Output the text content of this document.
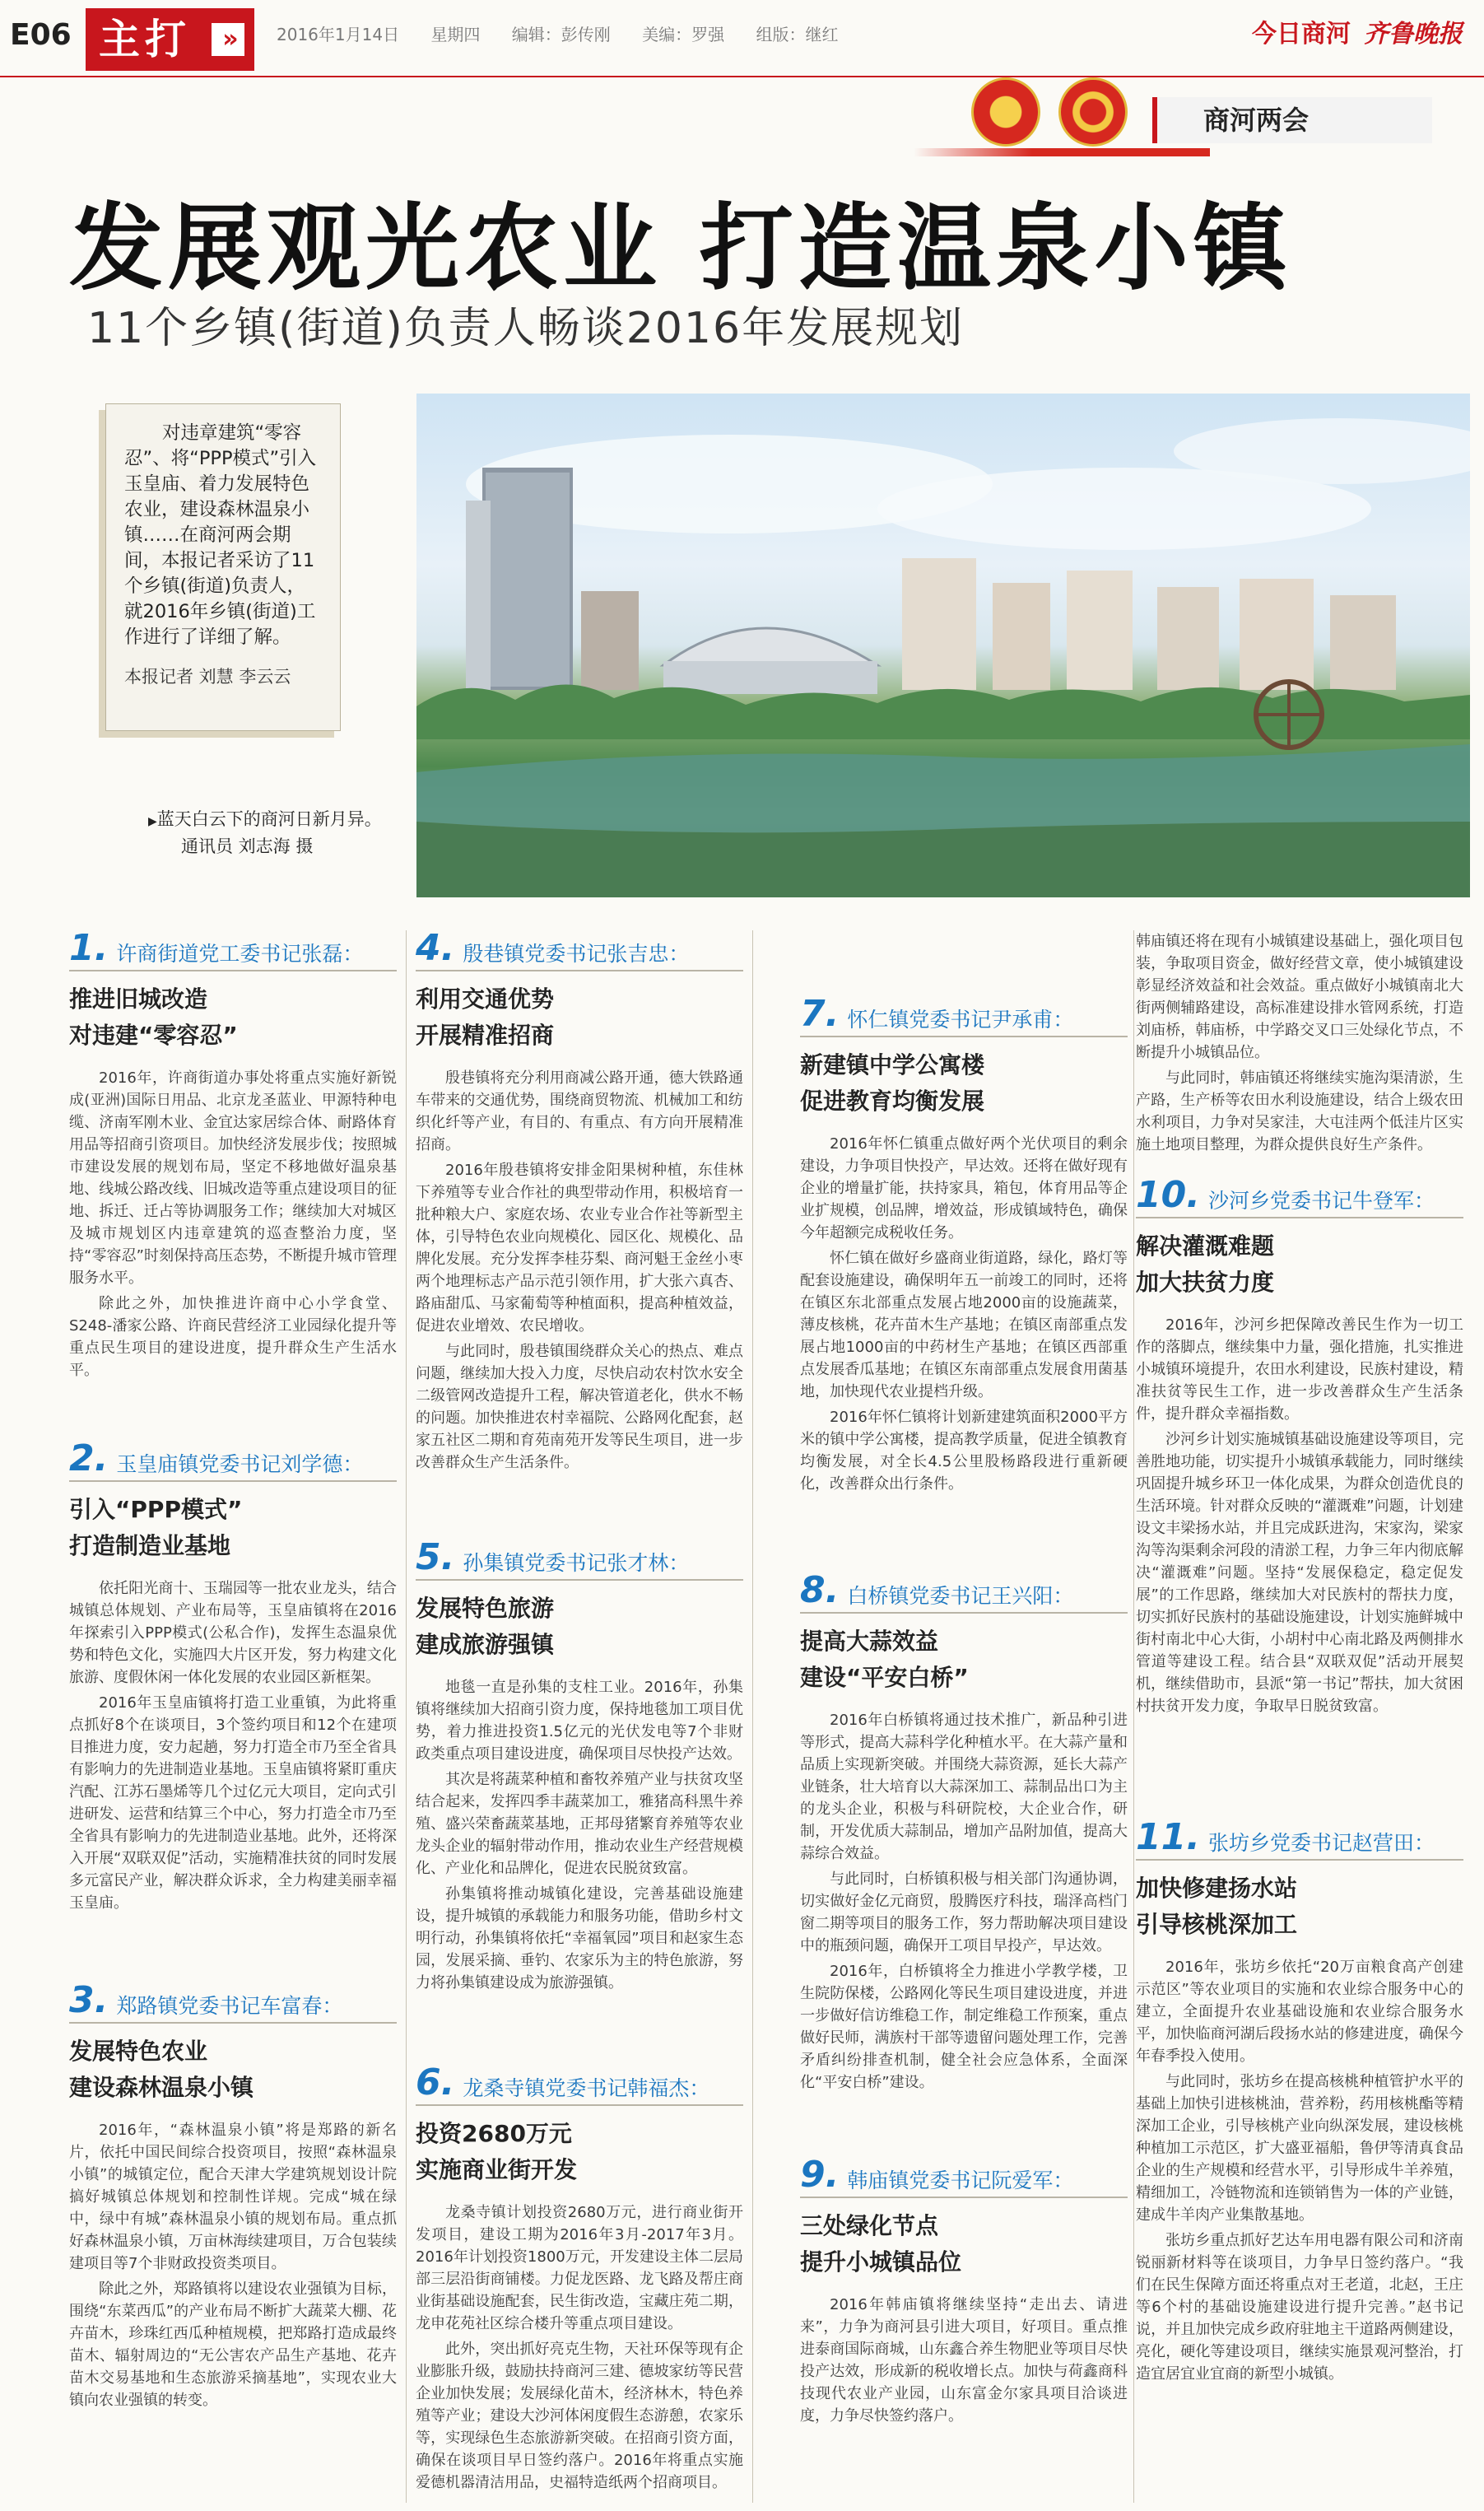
E06 主打	»	2016年1月14日 星期四 编辑：彭传刚 美编：罗强 组版：继红	今日商河 齐鲁晚报
商河两会
发展观光农业 打造温泉小镇
11个乡镇(街道)负责人畅谈2016年发展规划
对违章建筑“零容忍”、将“PPP模式”引入玉皇庙、着力发展特色农业，建设森林温泉小镇……在商河两会期间，本报记者采访了11个乡镇(街道)负责人，就2016年乡镇(街道)工作进行了详细了解。
本报记者 刘慧 李云云
▶蓝天白云下的商河日新月异。
通讯员 刘志海 摄
1. 许商街道党工委书记张磊：
推进旧城改造
对违建“零容忍”

2016年，许商街道办事处将重点实施好新锐成(亚洲)国际日用品、北京龙圣蓝业、甲源特种电缆、济南军刚木业、金宜达家居综合体、耐路体育用品等招商引资项目。加快经济发展步伐；按照城市建设发展的规划布局，坚定不移地做好温泉基地、线城公路改线、旧城改造等重点建设项目的征地、拆迁、迁占等协调服务工作；继续加大对城区及城市规划区内违章建筑的巡查整治力度，坚持“零容忍”时刻保持高压态势，不断提升城市管理服务水平。

除此之外，加快推进许商中心小学食堂、S248-潘家公路、许商民营经济工业园绿化提升等重点民生项目的建设进度，提升群众生产生活水平。

2. 玉皇庙镇党委书记刘学德：
引入“PPP模式”
打造制造业基地

依托阳光商十、玉瑞园等一批农业龙头，结合城镇总体规划、产业布局等，玉皇庙镇将在2016年探索引入PPP模式(公私合作)，发挥生态温泉优势和特色文化，实施四大片区开发，努力构建文化旅游、度假休闲一体化发展的农业园区新框架。

2016年玉皇庙镇将打造工业重镇，为此将重点抓好8个在谈项目，3个签约项目和12个在建项目推进力度，安力起趟，努力打造全市乃至全省具有影响力的先进制造业基地。玉皇庙镇将紧盯重庆汽配、江苏石墨烯等几个过亿元大项目，定向式引进研发、运营和结算三个中心，努力打造全市乃至全省具有影响力的先进制造业基地。此外，还将深入开展“双联双促”活动，实施精准扶贫的同时发展多元富民产业，解决群众诉求，全力构建美丽幸福玉皇庙。

3. 郑路镇党委书记车富春：
发展特色农业
建设森林温泉小镇

2016年，“森林温泉小镇”将是郑路的新名片，依托中国民间综合投资项目，按照“森林温泉小镇”的城镇定位，配合天津大学建筑规划设计院搞好城镇总体规划和控制性详规。完成“城在绿中，绿中有城”森林温泉小镇的规划布局。重点抓好森林温泉小镇，万亩林海续建项目，万合包装续建项目等7个非财政投资类项目。

除此之外，郑路镇将以建设农业强镇为目标，围绕“东菜西瓜”的产业布局不断扩大蔬菜大棚、花卉苗木，珍珠红西瓜种植规模，把郑路打造成最终苗木、辐射周边的“无公害农产品生产基地、花卉苗木交易基地和生态旅游采摘基地”，实现农业大镇向农业强镇的转变。

4. 殷巷镇党委书记张吉忠：
利用交通优势
开展精准招商

殷巷镇将充分利用商减公路开通，德大铁路通车带来的交通优势，围绕商贸物流、机械加工和纺织化纤等产业，有目的、有重点、有方向开展精准招商。

2016年殷巷镇将安排金阳果树种植，东佳林下养殖等专业合作社的典型带动作用，积极培育一批种粮大户、家庭农场、农业专业合作社等新型主体，引导特色农业向规模化、园区化、规模化、品牌化发展。充分发挥李桂芬梨、商河魁王金丝小枣两个地理标志产品示范引领作用，扩大张六真杏、路庙甜瓜、马家葡萄等种植面积，提高种植效益，促进农业增效、农民增收。

与此同时，殷巷镇围绕群众关心的热点、难点问题，继续加大投入力度，尽快启动农村饮水安全二级管网改造提升工程，解决管道老化，供水不畅的问题。加快推进农村幸福院、公路网化配套，赵家五社区二期和育苑南苑开发等民生项目，进一步改善群众生产生活条件。

5. 孙集镇党委书记张才林：
发展特色旅游
建成旅游强镇

地毯一直是孙集的支柱工业。2016年，孙集镇将继续加大招商引资力度，保持地毯加工项目优势，着力推进投资1.5亿元的光伏发电等7个非财政类重点项目建设进度，确保项目尽快投产达效。

其次是将蔬菜种植和畜牧养殖产业与扶贫攻坚结合起来，发挥四季丰蔬菜加工，雅猪高科黑牛养殖、盛兴荣畜蔬菜基地，正邦母猪繁育养殖等农业龙头企业的辐射带动作用，推动农业生产经营规模化、产业化和品牌化，促进农民脱贫致富。

孙集镇将推动城镇化建设，完善基础设施建设，提升城镇的承载能力和服务功能，借助乡村文明行动，孙集镇将依托“幸福氧园”项目和赵家生态园，发展采摘、垂钓、农家乐为主的特色旅游，努力将孙集镇建设成为旅游强镇。

6. 龙桑寺镇党委书记韩福杰：
投资2680万元
实施商业街开发

龙桑寺镇计划投资2680万元，进行商业街开发项目，建设工期为2016年3月-2017年3月。2016年计划投资1800万元，开发建设主体二层局部三层沿街商铺楼。力促龙医路、龙飞路及帮庄商业街基础设施配套，民生街改造，宝藏庄苑二期，龙申花苑社区综合楼升等重点项目建设。

此外，突出抓好亮克生物，天社环保等现有企业膨胀升级，鼓励扶持商河三建、德坡家纺等民营企业加快发展；发展绿化苗木，经济林木，特色养殖等产业；建设大沙河体闲度假生态游憩，农家乐等，实现绿色生态旅游新突破。在招商引资方面，确保在谈项目早日签约落户。2016年将重点实施爱德机器清洁用品，史福特造纸两个招商项目。

7. 怀仁镇党委书记尹承甫：
新建镇中学公寓楼
促进教育均衡发展

2016年怀仁镇重点做好两个光伏项目的剩余建设，力争项目快投产，早达效。还将在做好现有企业的增量扩能，扶持家具，箱包，体育用品等企业扩规模，创品牌，增效益，形成镇域特色，确保今年超额完成税收任务。

怀仁镇在做好乡盛商业街道路，绿化，路灯等配套设施建设，确保明年五一前竣工的同时，还将在镇区东北部重点发展占地2000亩的设施蔬菜，薄皮核桃，花卉苗木生产基地；在镇区南部重点发展占地1000亩的中药材生产基地；在镇区西部重点发展香瓜基地；在镇区东南部重点发展食用菌基地，加快现代农业提档升级。

2016年怀仁镇将计划新建建筑面积2000平方米的镇中学公寓楼，提高教学质量，促进全镇教育均衡发展，对全长4.5公里股杨路段进行重新硬化，改善群众出行条件。

8. 白桥镇党委书记王兴阳：
提高大蒜效益
建设“平安白桥”

2016年白桥镇将通过技术推广，新品种引进等形式，提高大蒜科学化种植水平。在大蒜产量和品质上实现新突破。并围绕大蒜资源，延长大蒜产业链条，壮大培育以大蒜深加工、蒜制品出口为主的龙头企业，积极与科研院校，大企业合作，研制，开发优质大蒜制品，增加产品附加值，提高大蒜综合效益。

与此同时，白桥镇积极与相关部门沟通协调，切实做好金亿元商贸，殷腾医疗科技，瑞泽高档门窗二期等项目的服务工作，努力帮助解决项目建设中的瓶颈问题，确保开工项目早投产，早达效。

2016年，白桥镇将全力推进小学教学楼，卫生院防保楼，公路网化等民生项目建设进度，并进一步做好信访维稳工作，制定维稳工作预案，重点做好民师，满族村干部等遗留问题处理工作，完善矛盾纠纷排查机制，健全社会应急体系，全面深化“平安白桥”建设。

9. 韩庙镇党委书记阮爱军：
三处绿化节点
提升小城镇品位

2016年韩庙镇将继续坚持“走出去、请进来”，力争为商河县引进大项目，好项目。重点推进泰商国际商城，山东鑫合养生物肥业等项目尽快投产达效，形成新的税收增长点。加快与荷鑫商科技现代农业产业园，山东富金尔家具项目洽谈进度，力争尽快签约落户。

韩庙镇还将在现有小城镇建设基础上，强化项目包装，争取项目资金，做好经营文章，使小城镇建设彰显经济效益和社会效益。重点做好小城镇南北大街两侧辅路建设，高标准建设排水管网系统，打造刘庙桥，韩庙桥，中学路交叉口三处绿化节点，不断提升小城镇品位。

与此同时，韩庙镇还将继续实施沟渠清淤，生产路，生产桥等农田水利设施建设，结合上级农田水利项目，力争对吴家洼，大屯洼两个低洼片区实施土地项目整理，为群众提供良好生产条件。

10. 沙河乡党委书记牛登军：
解决灌溉难题
加大扶贫力度

2016年，沙河乡把保障改善民生作为一切工作的落脚点，继续集中力量，强化措施，扎实推进小城镇环境提升，农田水利建设，民族村建设，精准扶贫等民生工作，进一步改善群众生产生活条件，提升群众幸福指数。

沙河乡计划实施城镇基础设施建设等项目，完善胜地功能，切实提升小城镇承载能力，同时继续巩固提升城乡环卫一体化成果，为群众创造优良的生活环境。针对群众反映的“灌溉难”问题，计划建设文丰梁扬水站，并且完成跃进沟，宋家沟，梁家沟等沟渠剩余河段的清淤工程，力争三年内彻底解决“灌溉难”问题。坚持“发展保稳定，稳定促发展”的工作思路，继续加大对民族村的帮扶力度，切实抓好民族村的基础设施建设，计划实施鲜城中街村南北中心大街，小胡村中心南北路及两侧排水管道等建设工程。结合县“双联双促”活动开展契机，继续借助市，县派“第一书记”帮扶，加大贫困村扶贫开发力度，争取早日脱贫致富。

11. 张坊乡党委书记赵营田：
加快修建扬水站
引导核桃深加工

2016年，张坊乡依托“20万亩粮食高产创建示范区”等农业项目的实施和农业综合服务中心的建立，全面提升农业基础设施和农业综合服务水平，加快临商河湖后段扬水站的修建进度，确保今年春季投入使用。

与此同时，张坊乡在提高核桃种植管护水平的基础上加快引进核桃油，营养粉，药用核桃酯等精深加工企业，引导核桃产业向纵深发展，建设核桃种植加工示范区，扩大盛亚福船，鲁伊等清真食品企业的生产规模和经营水平，引导形成牛羊养殖，精细加工，冷链物流和连锁销售为一体的产业链，建成牛羊肉产业集散基地。

张坊乡重点抓好艺达车用电器有限公司和济南锐丽新材料等在谈项目，力争早日签约落户。“我们在民生保障方面还将重点对王老道，北赵，王庄等6个村的基础设施建设进行提升完善。”赵书记说，并且加快完成乡政府驻地主干道路两侧建设，亮化，硬化等建设项目，继续实施景观河整治，打造宜居宜业宜商的新型小城镇。
